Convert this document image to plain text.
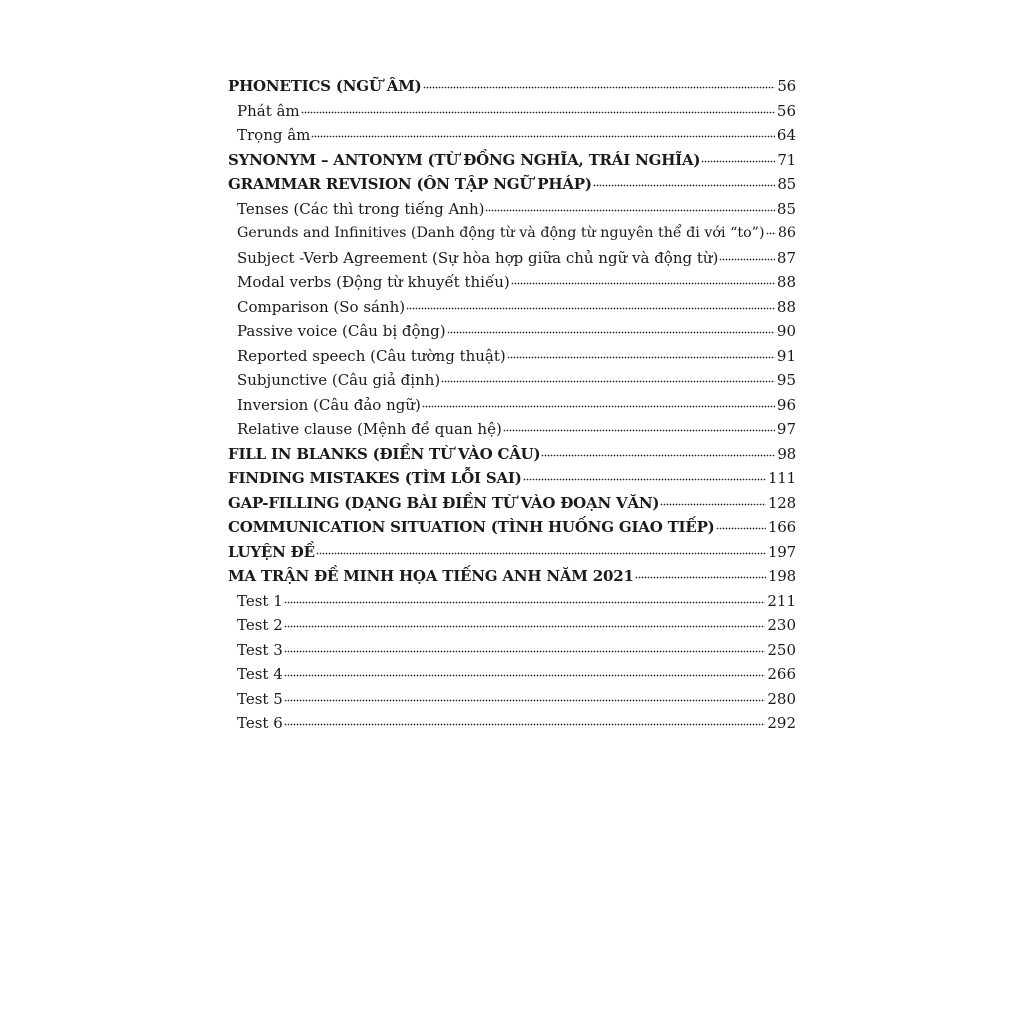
PHONETICS (NGỮ ÂM)	56
Phát âm	56
Trọng âm	64
SYNONYM – ANTONYM (TỪ ĐỒNG NGHĨA, TRÁI NGHĨA)	71
GRAMMAR REVISION (ÔN TẬP NGỮ PHÁP)	85
Tenses (Các thì trong tiếng Anh)	85
Gerunds and Infinitives (Danh động từ và động từ nguyên thể đi với “to”) 86
Subject -Verb Agreement (Sự hòa hợp giữa chủ ngữ và động từ)	87
Modal verbs (Động từ khuyết thiếu)	88
Comparison (So sánh)	88
Passive voice (Câu bị động)	90
Reported speech (Câu tường thuật)	91
Subjunctive (Câu giả định)	95
Inversion (Câu đảo ngữ)	96
Relative clause (Mệnh đề quan hệ)	97
FILL IN BLANKS (ĐIỀN TỪ VÀO CÂU)	98
FINDING MISTAKES (TÌM LỖI SAI)	111
GAP-FILLING (DẠNG BÀI ĐIỀN TỪ VÀO ĐOẠN VĂN)	128
COMMUNICATION SITUATION (TÌNH HUỐNG GIAO TIẾP)	166
LUYỆN ĐỀ	197
MA TRẬN ĐỀ MINH HỌA TIẾNG ANH NĂM 2021	198
Test 1	211
Test 2	230
Test 3	250
Test 4	266
Test 5	280
Test 6	292
